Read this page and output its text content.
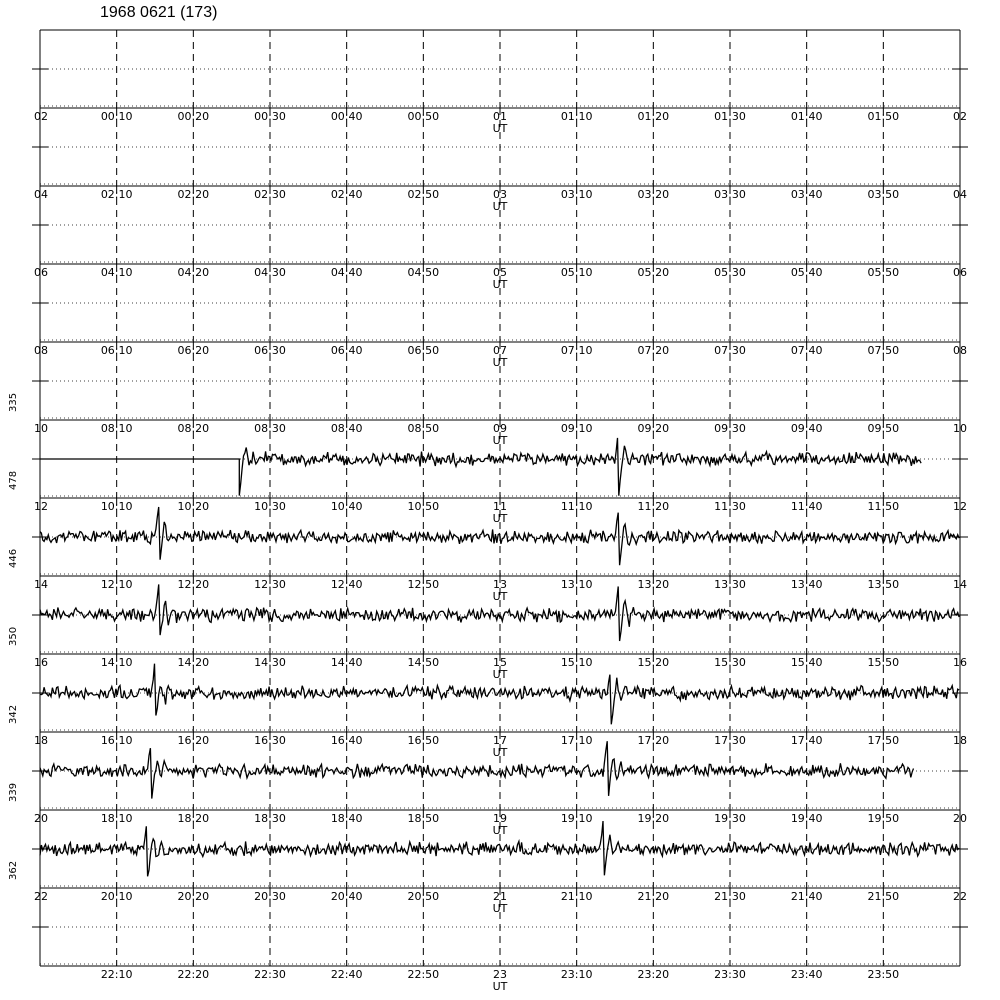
1968 0621 (173)
02	00:10	00:20	00:30	00:40	00:50	01	01:10	01:20	01:30	01:40	01:50	02
UT
04	02:10	02:20	02:30	02:40	02:50	03	03:10	03:20	03:30	03:40	03:50	04
UT
06	04:10	04:20	04:30	04:40	04:50	05	05:10	05:20	05:30	05:40	05:50	06
UT
08	06:10	06:20	06:30	06:40	06:50	07	07:10	07:20	07:30	07:40	07:50	08
UT
10	08:10	08:20	08:30	08:40	08:50	09	09:10	09:20	09:30	09:40	09:50	10
UT
335
12	10:10	10:20	10:30	10:40	10:50	11	11:10	11:20	11:30	11:40	11:50	12
UT
478
14	12:10	12:20	12:30	12:40	12:50	13	13:10	13:20	13:30	13:40	13:50	14
UT
446
16	14:10	14:20	14:30	14:40	14:50	15	15:10	15:20	15:30	15:40	15:50	16
UT
350
18	16:10	16:20	16:30	16:40	16:50	17	17:10	17:20	17:30	17:40	17:50	18
UT
342
20	18:10	18:20	18:30	18:40	18:50	19	19:10	19:20	19:30	19:40	19:50	20
UT
339
22	20:10	20:20	20:30	20:40	20:50	21	21:10	21:20	21:30	21:40	21:50	22
UT
362
22:10	22:20	22:30	22:40	22:50	23	23:10	23:20	23:30	23:40	23:50
UT
